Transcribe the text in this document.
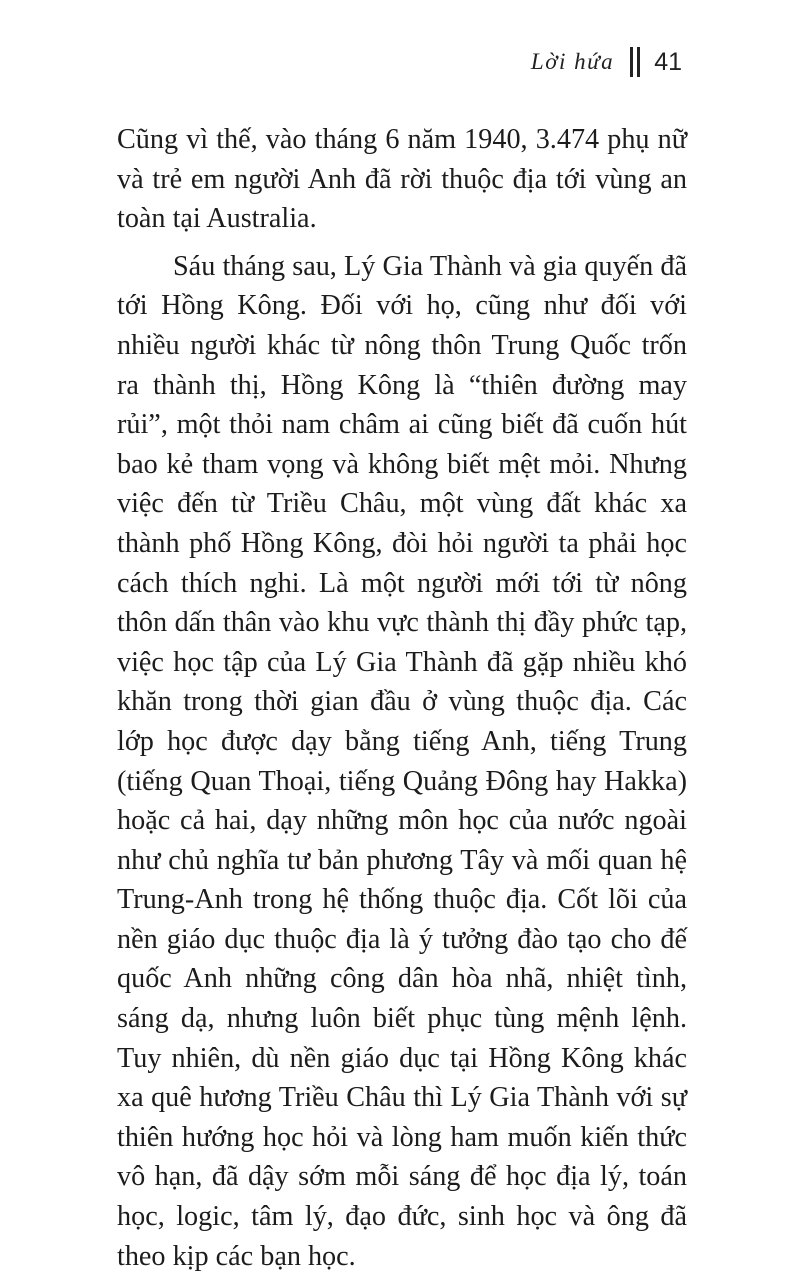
Lời hứa 41

Cũng vì thế, vào tháng 6 năm 1940, 3.474 phụ nữ và trẻ em người Anh đã rời thuộc địa tới vùng an toàn tại Australia.

Sáu tháng sau, Lý Gia Thành và gia quyến đã tới Hồng Kông. Đối với họ, cũng như đối với nhiều người khác từ nông thôn Trung Quốc trốn ra thành thị, Hồng Kông là “thiên đường may rủi”, một thỏi nam châm ai cũng biết đã cuốn hút bao kẻ tham vọng và không biết mệt mỏi. Nhưng việc đến từ Triều Châu, một vùng đất khác xa thành phố Hồng Kông, đòi hỏi người ta phải học cách thích nghi. Là một người mới tới từ nông thôn dấn thân vào khu vực thành thị đầy phức tạp, việc học tập của Lý Gia Thành đã gặp nhiều khó khăn trong thời gian đầu ở vùng thuộc địa. Các lớp học được dạy bằng tiếng Anh, tiếng Trung (tiếng Quan Thoại, tiếng Quảng Đông hay Hakka) hoặc cả hai, dạy những môn học của nước ngoài như chủ nghĩa tư bản phương Tây và mối quan hệ Trung-Anh trong hệ thống thuộc địa. Cốt lõi của nền giáo dục thuộc địa là ý tưởng đào tạo cho đế quốc Anh những công dân hòa nhã, nhiệt tình, sáng dạ, nhưng luôn biết phục tùng mệnh lệnh. Tuy nhiên, dù nền giáo dục tại Hồng Kông khác xa quê hương Triều Châu thì Lý Gia Thành với sự thiên hướng học hỏi và lòng ham muốn kiến thức vô hạn, đã dậy sớm mỗi sáng để học địa lý, toán học, logic, tâm lý, đạo đức, sinh học và ông đã theo kịp các bạn học.
